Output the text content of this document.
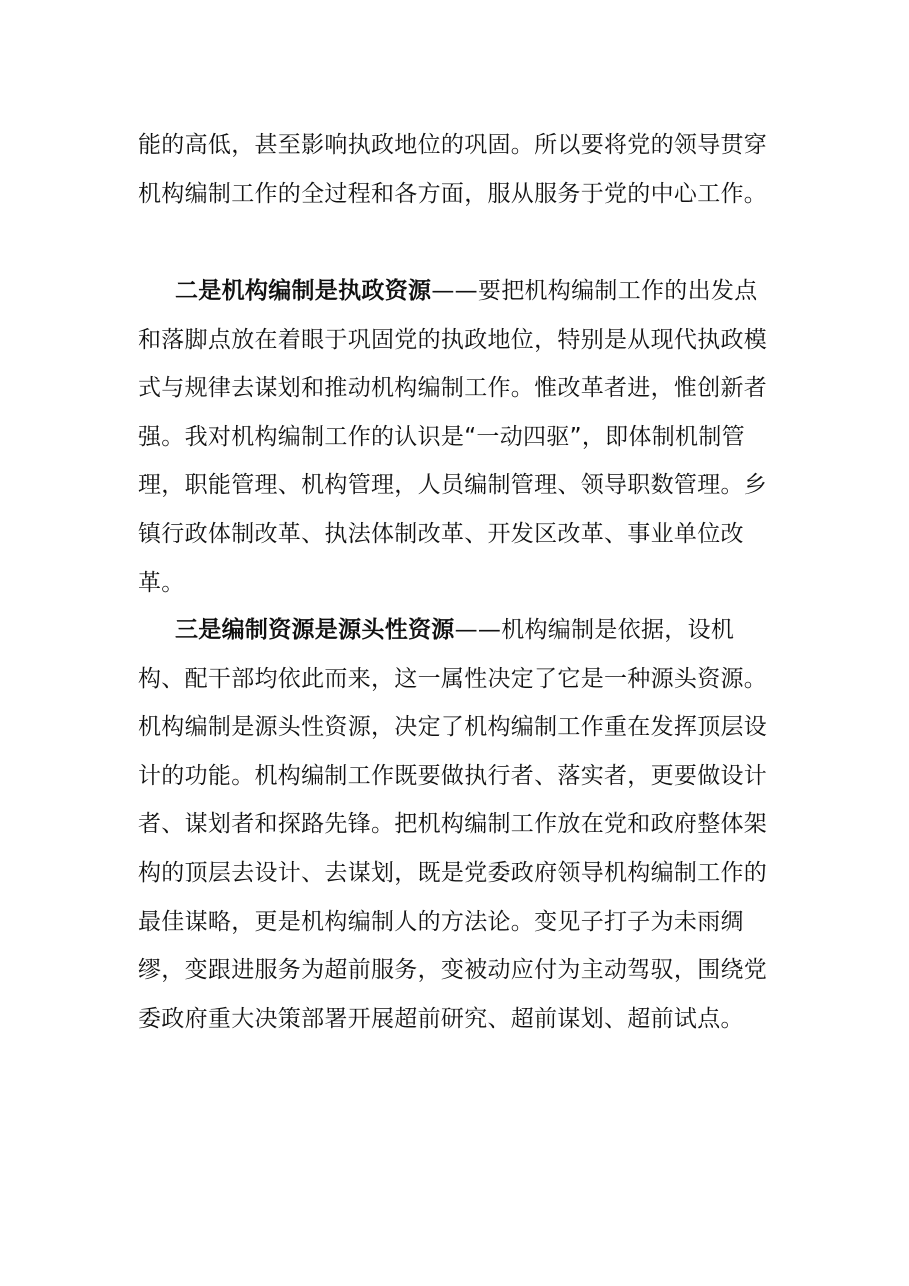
能的高低，甚至影响执政地位的巩固。所以要将党的领导贯穿机构编制工作的全过程和各方面，服从服务于党的中心工作。

二是机构编制是执政资源——要把机构编制工作的出发点和落脚点放在着眼于巩固党的执政地位，特别是从现代执政模式与规律去谋划和推动机构编制工作。惟改革者进，惟创新者强。我对机构编制工作的认识是“一动四驱”，即体制机制管理，职能管理、机构管理，人员编制管理、领导职数管理。乡镇行政体制改革、执法体制改革、开发区改革、事业单位改革。

三是编制资源是源头性资源——机构编制是依据，设机构、配干部均依此而来，这一属性决定了它是一种源头资源。机构编制是源头性资源，决定了机构编制工作重在发挥顶层设计的功能。机构编制工作既要做执行者、落实者，更要做设计者、谋划者和探路先锋。把机构编制工作放在党和政府整体架构的顶层去设计、去谋划，既是党委政府领导机构编制工作的最佳谋略，更是机构编制人的方法论。变见子打子为未雨绸缪，变跟进服务为超前服务，变被动应付为主动驾驭，围绕党委政府重大决策部署开展超前研究、超前谋划、超前试点。
